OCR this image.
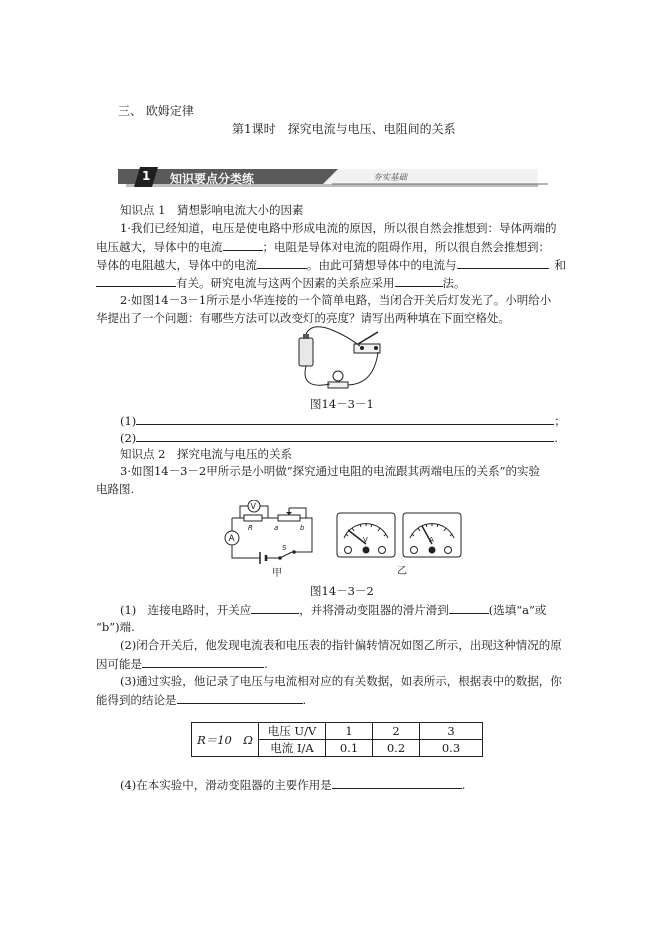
三、 欧姆定律
第1课时　探究电流与电压、电阻间的关系
1 知识要点分类练	夯实基础
知识点 1　猜想影响电流大小的因素
1·我们已经知道，电压是使电路中形成电流的原因，所以很自然会推想到：导体两端的
电压越大，导体中的电流	；电阻是导体对电流的阻碍作用，所以很自然会推想到：
导体的电阻越大，导体中的电流	。由此可猜想导体中的电流与	和
有关。研究电流与这两个因素的关系应采用	法。
2·如图14－3－1所示是小华连接的一个简单电路，当闭合开关后灯发光了。小明给小
华提出了一个问题：有哪些方法可以改变灯的亮度？请写出两种填在下面空格处。
图14－3－1
(1)	；
(2)	.
知识点 2　探究电流与电压的关系
3·如图14－3－2甲所示是小明做“探究通过电阻的电流跟其两端电压的关系”的实验
电路图.
S
A
R
V
a	b
甲
V	A
乙
图14－3－2
(1)　连接电路时，开关应	，并将滑动变阻器的滑片滑到	(选填“a”或
“b”)端.
(2)闭合开关后，他发现电流表和电压表的指针偏转情况如图乙所示，出现这种情况的原
因可能是	.
(3)通过实验，他记录了电压与电流相对应的有关数据，如表所示，根据表中的数据，你
能得到的结论是	.
R＝10　Ω	电压 U/V	1	2	3
	电流 I/A	0.1	0.2	0.3
(4)在本实验中，滑动变阻器的主要作用是	.
